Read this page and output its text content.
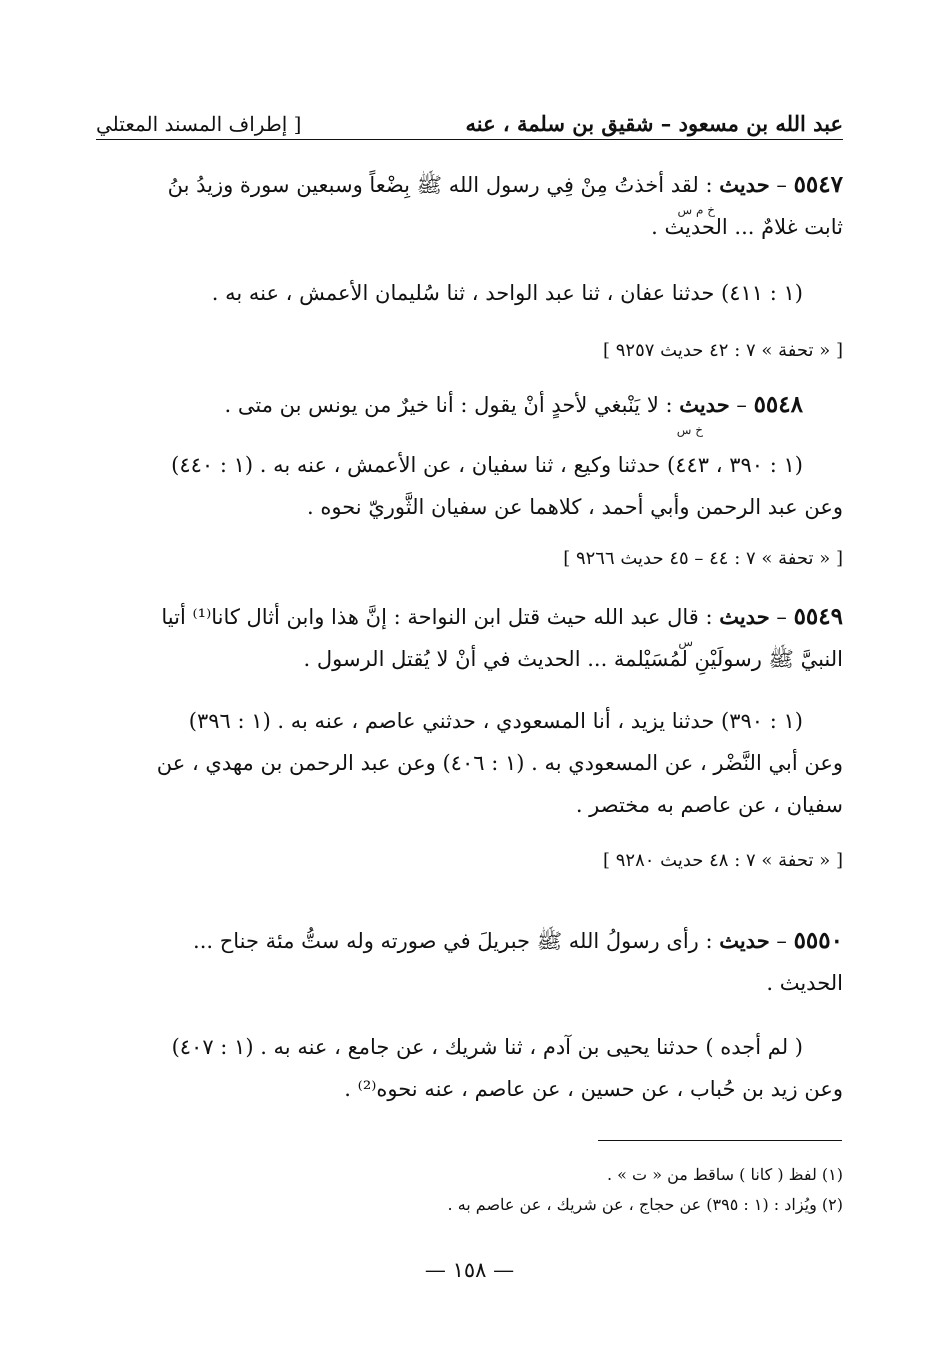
عبد الله بن مسعود – شقيق بن سلمة ، عنه
[ إطراف المسند المعتلي
٥٥٤٧ – حديث : لقد أخذتُ مِنْ فِي رسول الله ﷺ بِضْعاً وسبعين سورة وزيدُ بنُ
خ م س
ثابت غلامٌ ... الحديث .
(١ : ٤١١) حدثنا عفان ، ثنا عبد الواحد ، ثنا سُليمان الأعمش ، عنه به .
[ « تحفة » ٧ : ٤٢ حديث ٩٢٥٧ ]
٥٥٤٨ – حديث : لا يَنْبغي لأحدٍ أنْ يقول : أنا خيرٌ من يونس بن متى .
خ س
(١ : ٣٩٠ ، ٤٤٣) حدثنا وكيع ، ثنا سفيان ، عن الأعمش ، عنه به . (١ : ٤٤٠)
وعن عبد الرحمن وأبي أحمد ، كلاهما عن سفيان الثَّوريّ نحوه .
[ « تحفة » ٧ : ٤٤ – ٤٥ حديث ٩٢٦٦ ]
٥٥٤٩ – حديث : قال عبد الله حيث قتل ابن النواحة : إنَّ هذا وابن أثال كانا⁽¹⁾ أتيا
س
النبيَّ ﷺ رسولَيْنِ لمُسَيْلمة ... الحديث في أنْ لا يُقتل الرسول .
(١ : ٣٩٠) حدثنا يزيد ، أنا المسعودي ، حدثني عاصم ، عنه به . (١ : ٣٩٦)
وعن أبي النَّضْر ، عن المسعودي به . (١ : ٤٠٦) وعن عبد الرحمن بن مهدي ، عن
سفيان ، عن عاصم به مختصر .
[ « تحفة » ٧ : ٤٨ حديث ٩٢٨٠ ]
٥٥٥٠ – حديث : رأى رسولُ الله ﷺ جبريلَ في صورته وله ستُّ مئة جناح ...
الحديث .
( لم أجده ) حدثنا يحيى بن آدم ، ثنا شريك ، عن جامع ، عنه به . (١ : ٤٠٧)
وعن زيد بن حُباب ، عن حسين ، عن عاصم ، عنه نحوه⁽²⁾ .
(١) لفظ ( كانا ) ساقط من « ت » .
(٢) ويُزاد : (١ : ٣٩٥) عن حجاج ، عن شريك ، عن عاصم به .
— ١٥٨ —
